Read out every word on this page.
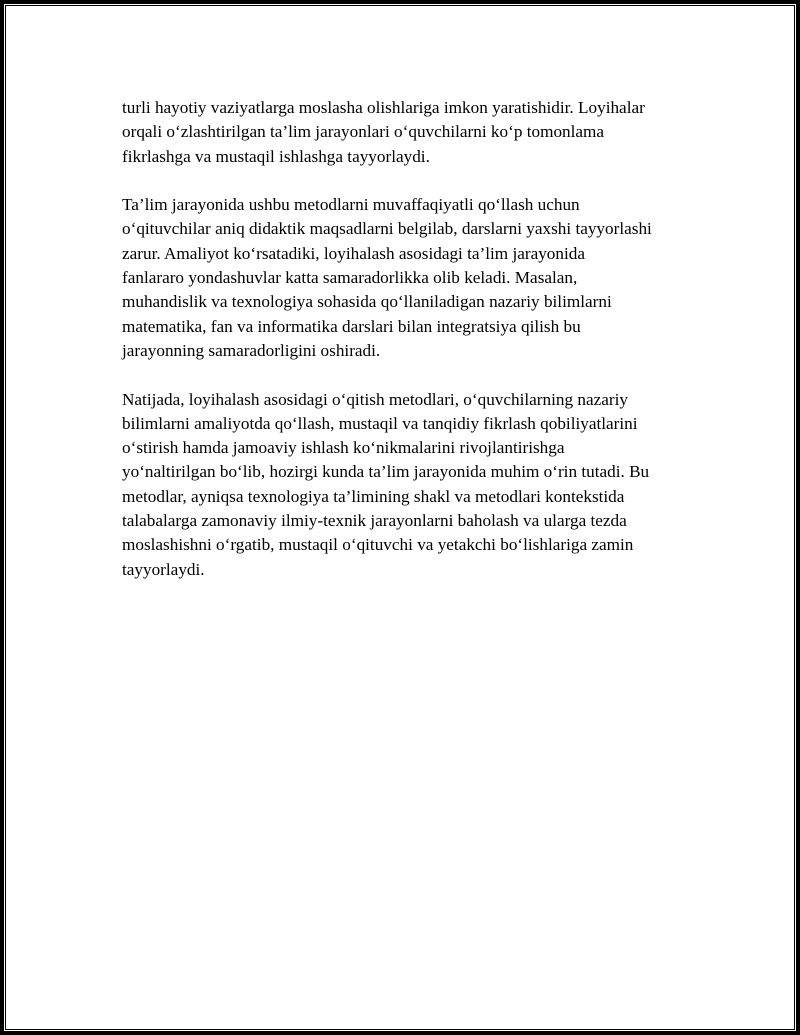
turli hayotiy vaziyatlarga moslasha olishlariga imkon yaratishidir. Loyihalar
orqali o‘zlashtirilgan ta’lim jarayonlari o‘quvchilarni ko‘p tomonlama
fikrlashga va mustaqil ishlashga tayyorlaydi.

Ta’lim jarayonida ushbu metodlarni muvaffaqiyatli qo‘llash uchun
o‘qituvchilar aniq didaktik maqsadlarni belgilab, darslarni yaxshi tayyorlashi
zarur. Amaliyot ko‘rsatadiki, loyihalash asosidagi ta’lim jarayonida
fanlararo yondashuvlar katta samaradorlikka olib keladi. Masalan,
muhandislik va texnologiya sohasida qo‘llaniladigan nazariy bilimlarni
matematika, fan va informatika darslari bilan integratsiya qilish bu
jarayonning samaradorligini oshiradi.

Natijada, loyihalash asosidagi o‘qitish metodlari, o‘quvchilarning nazariy
bilimlarni amaliyotda qo‘llash, mustaqil va tanqidiy fikrlash qobiliyatlarini
o‘stirish hamda jamoaviy ishlash ko‘nikmalarini rivojlantirishga
yo‘naltirilgan bo‘lib, hozirgi kunda ta’lim jarayonida muhim o‘rin tutadi. Bu
metodlar, ayniqsa texnologiya ta’limining shakl va metodlari kontekstida
talabalarga zamonaviy ilmiy-texnik jarayonlarni baholash va ularga tezda
moslashishni o‘rgatib, mustaqil o‘qituvchi va yetakchi bo‘lishlariga zamin
tayyorlaydi.
